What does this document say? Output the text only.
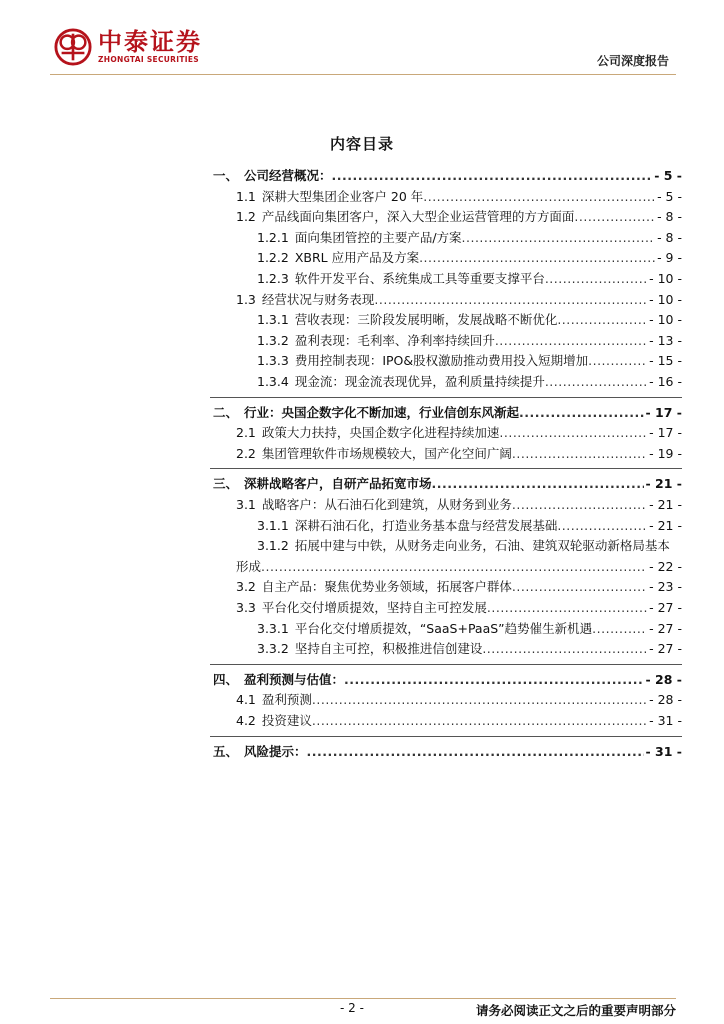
中泰证券
ZHONGTAI SECURITIES	公司深度报告
内容目录
一、 公司经营概况： .....	- 5 -
1.1 深耕大型集团企业客户 20 年 .....	- 5 -
1.2 产品线面向集团客户，深入大型企业运营管理的方方面面 .....	- 8 -
1.2.1 面向集团管控的主要产品/方案 .....	- 8 -
1.2.2 XBRL 应用产品及方案 .....	- 9 -
1.2.3 软件开发平台、系统集成工具等重要支撑平台 .....	- 10 -
1.3 经营状况与财务表现 .....	- 10 -
1.3.1 营收表现：三阶段发展明晰，发展战略不断优化 .....	- 10 -
1.3.2 盈利表现：毛利率、净利率持续回升 .....	- 13 -
1.3.3 费用控制表现：IPO&股权激励推动费用投入短期增加 .....	- 15 -
1.3.4 现金流：现金流表现优异，盈利质量持续提升 .....	- 16 -
二、 行业：央国企数字化不断加速，行业信创东风渐起 .....	- 17 -
2.1 政策大力扶持，央国企数字化进程持续加速 .....	- 17 -
2.2 集团管理软件市场规模较大，国产化空间广阔 .....	- 19 -
三、 深耕战略客户，自研产品拓宽市场 .....	- 21 -
3.1 战略客户：从石油石化到建筑，从财务到业务 .....	- 21 -
3.1.1 深耕石油石化，打造业务基本盘与经营发展基础 .....	- 21 -
3.1.2 拓展中建与中铁，从财务走向业务，石油、建筑双轮驱动新格局基本
形成 .....	- 22 -
3.2 自主产品：聚焦优势业务领域，拓展客户群体 .....	- 23 -
3.3 平台化交付增质提效，坚持自主可控发展 .....	- 27 -
3.3.1 平台化交付增质提效，“SaaS+PaaS”趋势催生新机遇 .....	- 27 -
3.3.2 坚持自主可控，积极推进信创建设 .....	- 27 -
四、 盈利预测与估值： .....	- 28 -
4.1 盈利预测 .....	- 28 -
4.2 投资建议 .....	- 31 -
五、 风险提示： .....	- 31 -
- 2 -	请务必阅读正文之后的重要声明部分
